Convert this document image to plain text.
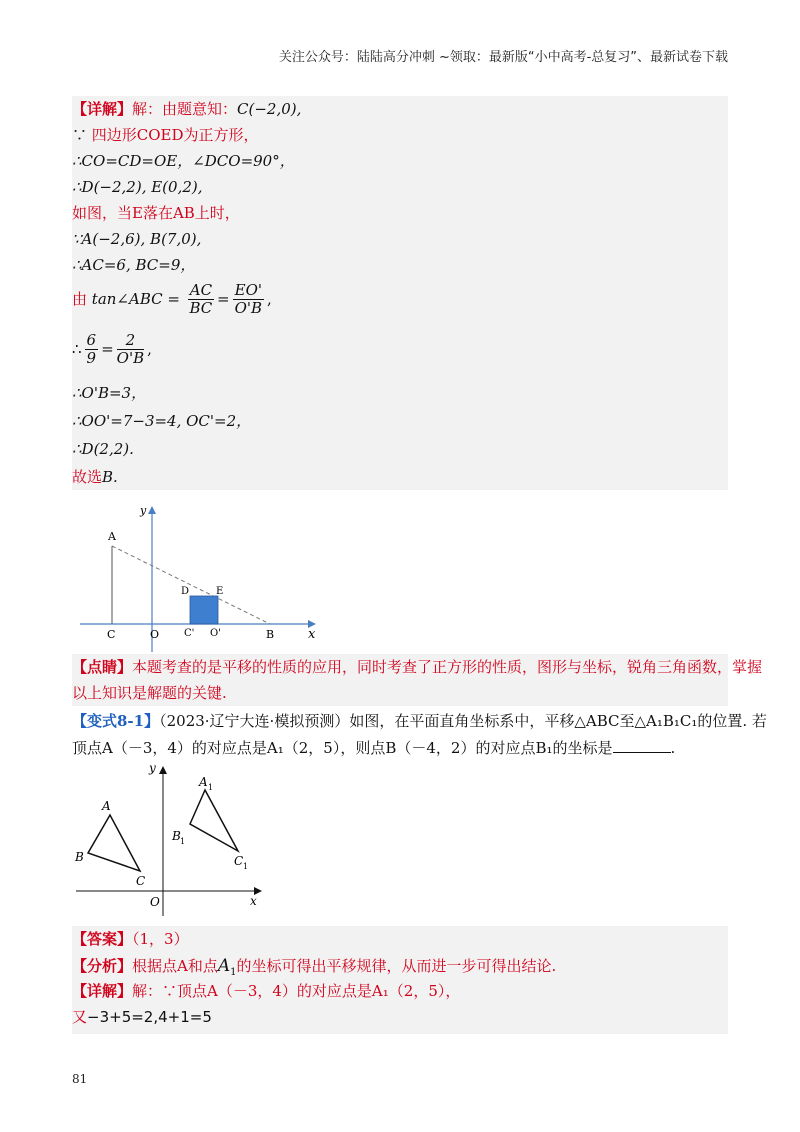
关注公众号：陆陆高分冲刺 ~领取：最新版“小中高考-总复习”、最新试卷下载
【详解】解：由题意知：C(−2,0),
∵ 四边形COED为正方形，
∴CO=CD=OE，∠DCO=90°，
∴D(−2,2), E(0,2),
如图，当E落在AB上时，
∵A(−2,6), B(7,0),
∴AC=6, BC=9，
由 tan∠ABC = $\frac{AC}{BC} = \frac{EO'}{O'B}$ ,
∴ $\frac{6}{9} = \frac{2}{O'B}$ ,
∴O'B=3，
∴OO'=7−3=4, OC'=2，
∴D(2,2).
故选B.
y
x
A
C	O C' O'	B
D	E
【点睛】本题考查的是平移的性质的应用，同时考查了正方形的性质，图形与坐标，锐角三角函数，掌握
以上知识是解题的关键.
【变式8-1】（2023·辽宁大连·模拟预测）如图，在平面直角坐标系中，平移△ABC至△A₁B₁C₁的位置. 若
顶点A（－3，4）的对应点是A₁（2，5），则点B（－4，2）的对应点B₁的坐标是	.
y
x
O
A
B
C
A 1
B 1
C 1
【答案】（1，3）
【分析】根据点A和点$A_1$的坐标可得出平移规律，从而进一步可得出结论.
【详解】解：∵顶点A（－3，4）的对应点是A₁（2，5），
又−3+5=2,4+1=5
81
